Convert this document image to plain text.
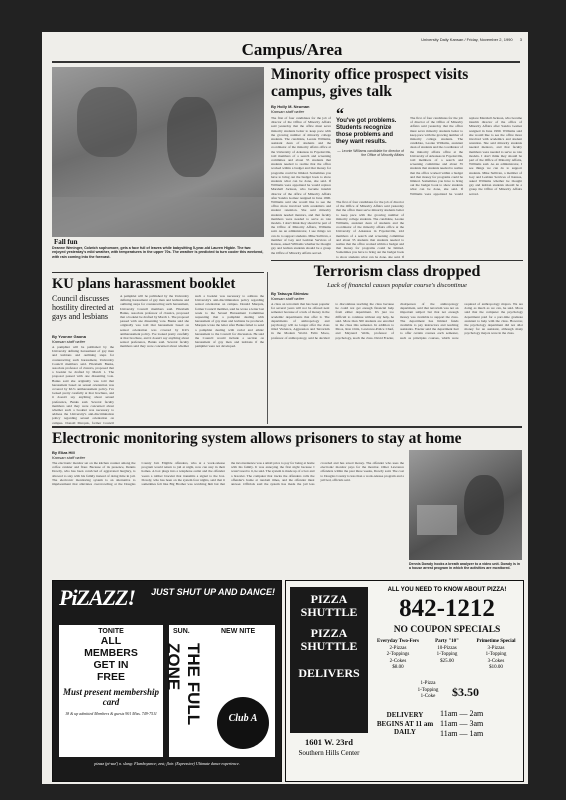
University Daily Kansan / Friday, November 2, 1990 3
Campus/Area
Fall fun
Deanne Weninger, Colwich sophomore, gets a face full of leaves while babysitting 5-year-old Lauren Higbie. The two enjoyed yesterday's mild weather, with temperatures in the upper 70s. The weather is predicted to turn cooler this weekend, with rain coming into the forecast.
Minority office prospect visits campus, gives talk
By Holly M. Neuman
Kansan staff writer
The first of four candidates for the job of director of the Office of Minority Affairs said yesterday that the office must serve minority students better to keep pace with the growing number of minority college students. The candidate, Leonie Williams, assistant dean of students and the coordinator of the minority affairs office at the University of Arkansas in Fayetteville, told members of a search and screening committee and about 35 students that students needed to realize that the office worked within a budget and that money for programs could be limited. Sometimes you have to bring out the budget book to show students what can be done, she said. If Williams were appointed he would replace Marshall Jackson, who became interim director of the office of Minority Affairs after Sandra Gomez resigned in June 1990. Williams said she would like to see the office more involved with academics and student retention. She said minority students needed mentors, and that faculty members were needed to serve as role models. I don't think they should be part of the Office of Minority Affairs, Williams said. As an administrator, I see things we can do to support students. Mike Sullivan, a member of Gay and Lesbian Services of Kansas, asked Williams whether he thought gay and lesbian students should be a group the Office of Minority Affairs served.
“
You've got problems. Students recognize those problems and they want results.
— Leonie Williams candidate for director of the Office of Minority Affairs
The first of four candidates for the job of director of the Office of Minority Affairs said yesterday that the office must serve minority students better to keep pace with the growing number of minority college students. The candidate, Leonie Williams, assistant dean of students and the coordinator of the minority affairs office at the University of Arkansas in Fayetteville, told members of a search and screening committee and about 35 students that students needed to realize that the office worked within a budget and that money for programs could be limited. Sometimes you have to bring out the budget book to show students what can be done, she said. If
The first of four candidates for the job of director of the Office of Minority Affairs said yesterday that the office must serve minority students better to keep pace with the growing number of minority college students. The candidate, Leonie Williams, assistant dean of students and the coordinator of the minority affairs office at the University of Arkansas in Fayetteville, told members of a search and screening committee and about 35 students that students needed to realize that the office worked within a budget and that money for programs could be limited. Sometimes you have to bring out the budget book to show students what can be done, she said. If Williams were appointed he would replace Marshall Jackson, who became interim director of the office of Minority Affairs after Sandra Gomez resigned in June 1990. Williams said she would like to see the office more involved with academics and student retention. She said minority students needed mentors, and that faculty members were needed to serve as role models. I don't think they should be part of the Office of Minority Affairs, Williams said. As an administrator, I see things we can do to support students. Mike Sullivan, a member of Gay and Lesbian Services of Kansas, asked Williams whether he thought gay and lesbian students should be a group the Office of Minority Affairs served.
Terrorism class dropped
Lack of financial causes popular course's discontinue
By Tatsuya Shimizu
Kansan staff writer
A class on terrorism that has been popular for several years will not be offered next semester because of a lack of money in the academic departments that offer it. The departments of anthropology and psychology will no longer offer the class titled Violence, Aggression and Terrorism in the Modern World. Felix Moos, professor of anthropology, said he decided to discontinue teaching the class because he could not get enough financial help from either department. It's just too difficult to continue without any help, he said. More than 300 students are enrolled in the class this semester. In addition to Moos, Ron Ortiz, Lawrence-Police Chief, and Maynard Wells, professor of psychology, teach the class. David Frazier, chairperson of the anthropology department, said that terrorism was not an important subject but that not enough money was available to support the class. The department has limited funds available to pay instructors and teaching assistants. Frazier said the department had to offer certain courses each semester, such as principles courses, which were required of anthropology majors. We are doing as much as we can, he said. Moos said that the computer the psychology department paid for a part-time graduate assistant to help with the class. However, the psychology department did not allot money for an assistant, although many psychology majors were in the class.
KU plans harassment booklet
Council discusses hostility directed at gays and lesbians
By Yvonne Gaona
Kansan staff writer
A pamphlet will be published by the University defining harassment of gay men and lesbians and outlining steps for counteracting such harassment, University Council members said. Elizabeth Banks, associate professor of classics, proposed that a booklet be drafted by March 1. The proposal passed with one dissenting vote. Banks said she originally was told that harassment based on sexual orientation was covered by KU's antiharassment policy. I've looked pretty carefully at that brochure, and it doesn't say anything about sexual preference, Banks said. Several faculty members said they were concerned about whether such a booklet was necessary to address the University's anti-discrimination policy regarding sexual orientation on campus. Donald Marquis, former Council
A pamphlet will be published by the University defining harassment of gay men and lesbians and outlining steps for counteracting such harassment, University Council members said. Elizabeth Banks, associate professor of classics, proposed that a booklet be drafted by March 1. The proposal passed with one dissenting vote. Banks said she originally was told that harassment based on sexual orientation was covered by KU's antiharassment policy. I've looked pretty carefully at that brochure, and it doesn't say anything about sexual preference, Banks said. Several faculty members said they were concerned about whether such a booklet was necessary to address the University's anti-discrimination policy regarding sexual orientation on campus. Donald Marquis, former Council member, said he wrote a letter last week to the Sexual Harassment Committee requesting that a pamphlet dealing with harassment of gay men and lesbians be produced. Marquis wrote the letter after Banks failed to send a pamphlet dealing with racial and ethnic harassment to the Council for discussion. He said the Council would include a section on harassment of gay men and lesbians if the pamphlet were not developed.
Electronic monitoring system allows prisoners to stay at home
By Eliza Hill
Kansan staff writer
The electronic monitor sat on the kitchen counter among the coffee canister and flour. Because of its presence, Dennis Dowdy, who has been convicted of aggravated burglary, is allowed to stay with his family instead of doing time in jail. The electronic monitoring system is an alternative to imprisonment that alleviates overcrowding at the Douglas County Jail. Eligible offenders, who at a work-release program would return to jail at night, now can stay in their homes. A box plugs into a telephone outlet and the offender wears a rubber bracelet that transmits a signal to the box. Dowdy, who has been on the system four nights, said that it sometimes felt like Big Brother was watching him but that the inconvenience was a small price to pay for being at home with his family. It was annoying the first night because I wasn't used to it, he said. The system is made up of a box and a bracelet. The computer that tracks the offenders calls the offender's home at random times, and the offender must answer. Officials said the system has made the jail less crowded and has saved money. The offender who uses the electronic monitor pays for the monitor. Other Lawrence offenders within the past three weeks, Dowdy said. The cost to Douglas County is less than a work-release program and a jail bed, officials said.
Dennis Dowdy hooks a breath analyzer to a video unit. Dowdy is in a house arrest program in which the activities are monitored.
PiZAZZ! JUST SHUT UP AND DANCE!
TONITE
ALL
MEMBERS
GET IN
FREE
Must present membership card
18 & up admitted Members & guests 901 Miss. 749-7511
SUN.	NEW NITE
THE FULL ZONE
Club A
pizazz (pi-zaz') n. slang: Flamboyance; zest; flair. (Expressive) Ultimate dance experience.
PIZZA
SHUTTLE
PIZZA
SHUTTLE
DELIVERS
1601 W. 23rd
Southern Hills Center
ALL YOU NEED TO KNOW ABOUT PIZZA!
842-1212
NO COUPON SPECIALS
Everyday Two-Fers
2-Pizzas
2-Toppings
2-Cokes
$8.00
Party "10"
10-Pizzas
1-Topping
$25.00
Primetime Special
3-Pizzas
1-Topping
3-Cokes
$10.00
1-Pizza
1-Topping
1-Coke	$3.50
DELIVERY BEGINS AT 11 am DAILY
11am — 2am
11am — 3am
11am — 1am
